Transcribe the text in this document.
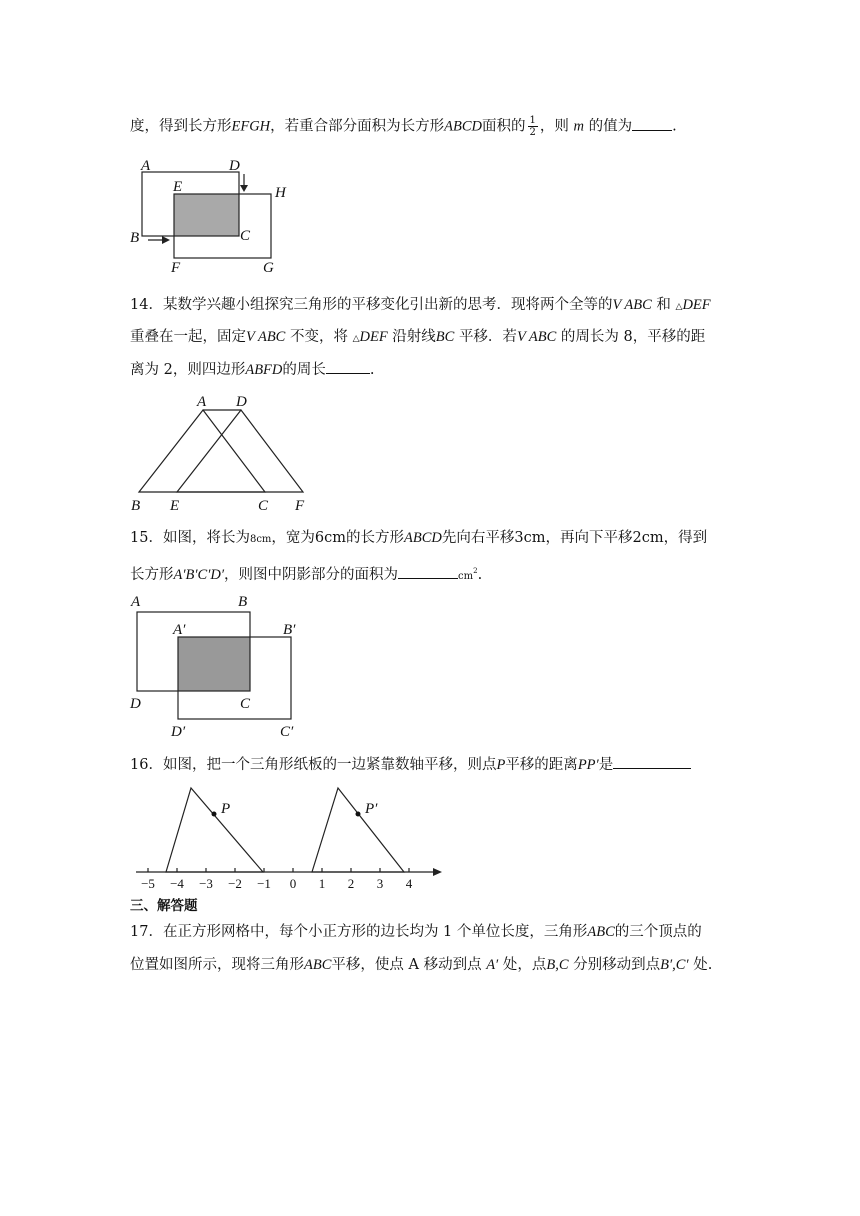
度，得到长方形EFGH，若重合部分面积为长方形ABCD面积的 $\frac{1}{2}$ ，则 m 的值为	.
A	D
E	H
B	C
F	G
14．某数学兴趣小组探究三角形的平移变化引出新的思考．现将两个全等的V ABC 和 △DEF
重叠在一起，固定V ABC 不变，将 △DEF 沿射线BC 平移．若V ABC 的周长为 8，平移的距
离为 2，则四边形ABFD的周长	.
A D
B E	C F
15．如图，将长为8cm，宽为6cm的长方形ABCD先向右平移3cm，再向下平移2cm，得到
长方形A′B′C′D′，则图中阴影部分的面积为	$cm^2$.
A	B
A′	B′
D	C
D′	C′
16．如图，把一个三角形纸板的一边紧靠数轴平移，则点P平移的距离PP′是
−5 −4 −3 −2 −1 0 1 2 3 4
P	P′
三、解答题
17．在正方形网格中，每个小正方形的边长均为 1 个单位长度，三角形ABC的三个顶点的
位置如图所示，现将三角形ABC平移，使点 A 移动到点 A′ 处，点B,C 分别移动到点B′,C′ 处.
